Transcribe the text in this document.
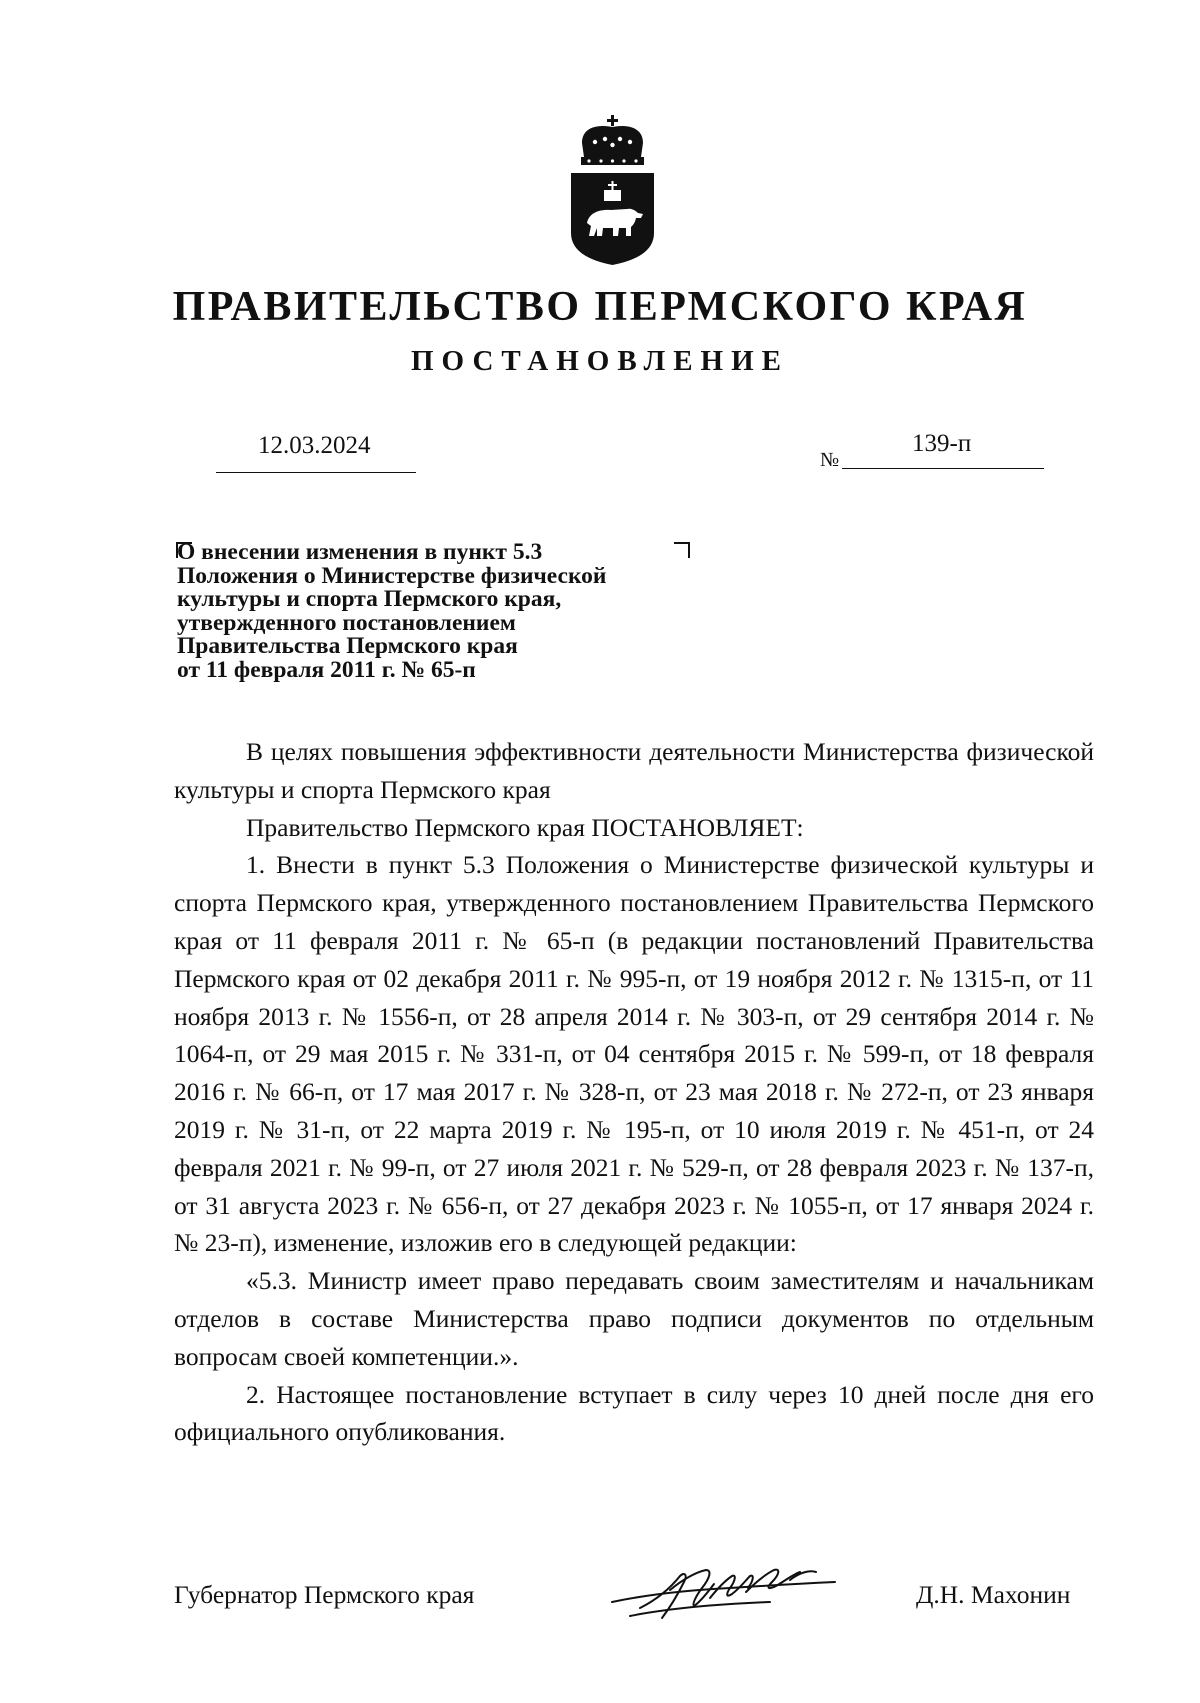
ПРАВИТЕЛЬСТВО ПЕРМСКОГО КРАЯ
ПОСТАНОВЛЕНИЕ
12.03.2024
№
139-п
О внесении изменения в пункт 5.3
Положения о Министерстве физической
культуры и спорта Пермского края,
утвержденного постановлением
Правительства Пермского края
от 11 февраля 2011 г. № 65-п

В целях повышения эффективности деятельности Министерства физической культуры и спорта Пермского края

Правительство Пермского края ПОСТАНОВЛЯЕТ:

1. Внести в пункт 5.3 Положения о Министерстве физической культуры и спорта Пермского края, утвержденного постановлением Правительства Пермского края от 11 февраля 2011 г. № 65-п (в редакции постановлений Правительства Пермского края от 02 декабря 2011 г. № 995-п, от 19 ноября 2012 г. № 1315-п, от 11 ноября 2013 г. № 1556-п, от 28 апреля 2014 г. № 303-п, от 29 сентября 2014 г. № 1064-п, от 29 мая 2015 г. № 331-п, от 04 сентября 2015 г. № 599-п, от 18 февраля 2016 г. № 66-п, от 17 мая 2017 г. № 328-п, от 23 мая 2018 г. № 272-п, от 23 января 2019 г. № 31-п, от 22 марта 2019 г. № 195-п, от 10 июля 2019 г. № 451-п, от 24 февраля 2021 г. № 99-п, от 27 июля 2021 г. № 529-п, от 28 февраля 2023 г. № 137-п, от 31 августа 2023 г. № 656-п, от 27 декабря 2023 г. № 1055-п, от 17 января 2024 г. № 23-п), изменение, изложив его в следующей редакции:

«5.3. Министр имеет право передавать своим заместителям и начальникам отделов в составе Министерства право подписи документов по отдельным вопросам своей компетенции.».

2. Настоящее постановление вступает в силу через 10 дней после дня его официального опубликования.

Губернатор Пермского края	Д.Н. Махонин
